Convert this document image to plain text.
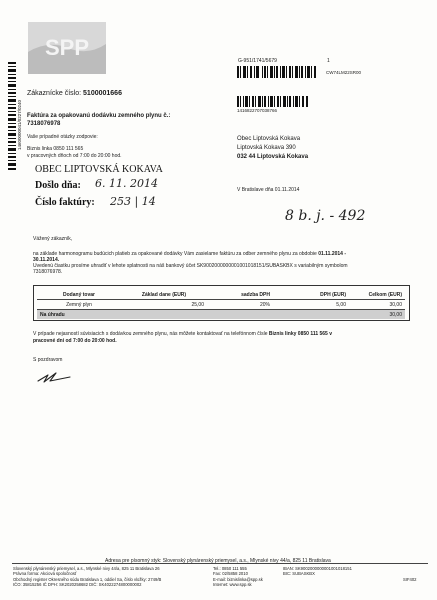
SPP
14600000041/0227/0240
G-951/1741/5679	1
CW74LM22SR00
1416822707038766
Zákaznícke číslo: 5100001666
Faktúra za opakovanú dodávku zemného plynu č.:
7318076978
Vaše prípadné otázky zodpovie:
Biznis linka 0850 111 565
v pracovných dňoch od 7:00 do 20:00 hod.
Obec Liptovská Kokava
Liptovská Kokava 390
032 44 Liptovská Kokava
OBEC LIPTOVSKÁ KOKAVA
Došlo dňa: 6. 11. 2014
Číslo faktúry: 253 | 14
V Bratislave dňa 01.11.2014
8 b. j. - 492
Vážený zákazník,
na základe harmonogramu budúcich platieb za opakované dodávky Vám zasielame faktúru za odber zemného plynu za obdobie 01.11.2014 -
30.11.2014.
Uvedenú čiastku prosíme uhradiť v lehote splatnosti na náš bankový účet SK9002000000001001018151/SUBASKBX s variabilným symbolom
7318076978.
Dodaný tovar	Základ dane (EUR)	sadzba DPH	DPH (EUR)	Celkom (EUR)
Zemný plyn	25,00	20%	5,00	30,00
Na úhradu				30,00
V prípade nejasností súvisiacich s dodávkou zemného plynu, nás môžete kontaktovať na telefónnom čísle Biznis linky 0850 111 565 v
pracovné dni od 7:00 do 20:00 hod.
S pozdravom
Adresa pre písomný styk: Slovenský plynárenský priemysel, a.s., Mlynské nivy 44/a, 825 11 Bratislava
Slovenský plynárenský priemysel, a.s., Mlynské nivy 44/a, 825 11 Bratislava 26
Právna forma: Akciová spoločnosť
Obchodný register Okresného súdu Bratislava 1, oddiel Sa, číslo vložky: 2749/B
IČO: 35815256 IČ DPH: SK2020258682 DIČ: SK4022274800000002
Tel.: 0850 111 555
Fax: 02/5858 2010
E-mail: biznislinka@spp.sk
Internet: www.spp.sk
IBAN: SK9002000000001001018151
BIC: SUBASKBX
SIF402
